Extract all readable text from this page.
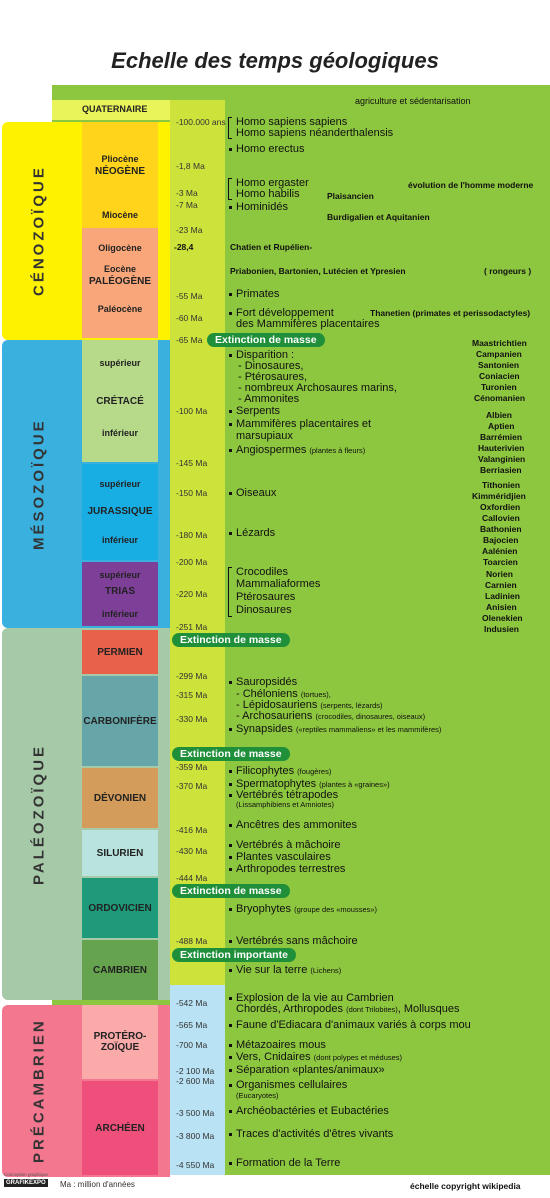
Echelle des temps géologiques
QUATERNAIRE
agriculture et sédentarisation
CÉNOZOÏQUE
MÉSOZOÏQUE
PALÉOZOÏQUE
PRÉCAMBRIEN
Pliocène
NÉOGÈNE
Miocène
Oligocène
Eocène
PALÉOGÈNE
Paléocène
supérieur
CRÉTACÉ
inférieur
supérieur
JURASSIQUE
inférieur
supérieur
TRIAS
inférieur
PERMIEN
CARBONIFÈRE
DÉVONIEN
SILURIEN
ORDOVICIEN
CAMBRIEN
PROTÉRO-ZOÏQUE
ARCHÉEN
-100.000 ans
-1,8 Ma
-3 Ma
-7 Ma
-23 Ma
-28,4
-55 Ma
-60 Ma
-65 Ma
-100 Ma
-145 Ma
-150 Ma
-180 Ma
-200 Ma
-220 Ma
-251 Ma
-299 Ma
-315 Ma
-330 Ma
-359 Ma
-370 Ma
-416 Ma
-430 Ma
-444 Ma
-488 Ma
-542 Ma
-565 Ma
-700 Ma
-2 100 Ma
-2 600 Ma
-3 500 Ma
-3 800 Ma
-4 550 Ma
Extinction de masse
Extinction de masse
Extinction de masse
Extinction de masse
Extinction importante
Homo sapiens sapiens
Homo sapiens néanderthalensis
Homo erectus
Homo ergaster
Homo habilis
Hominidés
Primates
Fort développement
des Mammifères placentaires
Disparition :
- Dinosaures,
- Ptérosaures,
- nombreux Archosaures marins,
- Ammonites
Serpents
Mammifères placentaires et
marsupiaux
Angiospermes (plantes à fleurs)
Oiseaux
Lézards
Crocodiles
Mammaliaformes
Ptérosaures
Dinosaures
Sauropsidés
- Chéloniens (tortues),
- Lépidosauriens (serpents, lézards)
- Archosauriens (crocodiles, dinosaures, oiseaux)
Synapsides («reptiles mammaliens» et les mammifères)
Filicophytes (fougères)
Spermatophytes (plantes à «graines»)
Vertébrés tétrapodes
(Lissamphibiens et Amniotes)
Ancêtres des ammonites
Vertébrés à mâchoire
Plantes vasculaires
Arthropodes terrestres
Bryophytes (groupe des «mousses»)
Vertébrés sans mâchoire
Vie sur la terre (Lichens)
Explosion de la vie au Cambrien
Chordés, Arthropodes (dont Trilobites), Mollusques
Faune d'Ediacara d'animaux variés à corps mou
Métazoaires mous
Vers, Cnidaires (dont polypes et méduses)
Séparation «plantes/animaux»
Organismes cellulaires
(Eucaryotes)
Archéobactéries et Eubactéries
Traces d'activités d'êtres vivants
Formation de la Terre
évolution de l'homme moderne
Plaisancien
Burdigalien et Aquitanien
Chatien et Rupélien-
Priabonien, Bartonien, Lutécien et Ypresien	( rongeurs )
Thanetien (primates et perissodactyles)
échelle copyright wikipedia
Maastrichtien
Campanien
Santonien
Coniacien
Turonien
Cénomanien
Albien
Aptien
Barrémien
Hauterivien
Valanginien
Berriasien
Tithonien
Kimméridjien
Oxfordien
Callovien
Bathonien
Bajocien
Aalénien
Toarcien
Norien
Carnien
Ladinien
Anisien
Olenekien
Indusien
Conception graphique
GRAFIKEXPO Ma : million d'années
